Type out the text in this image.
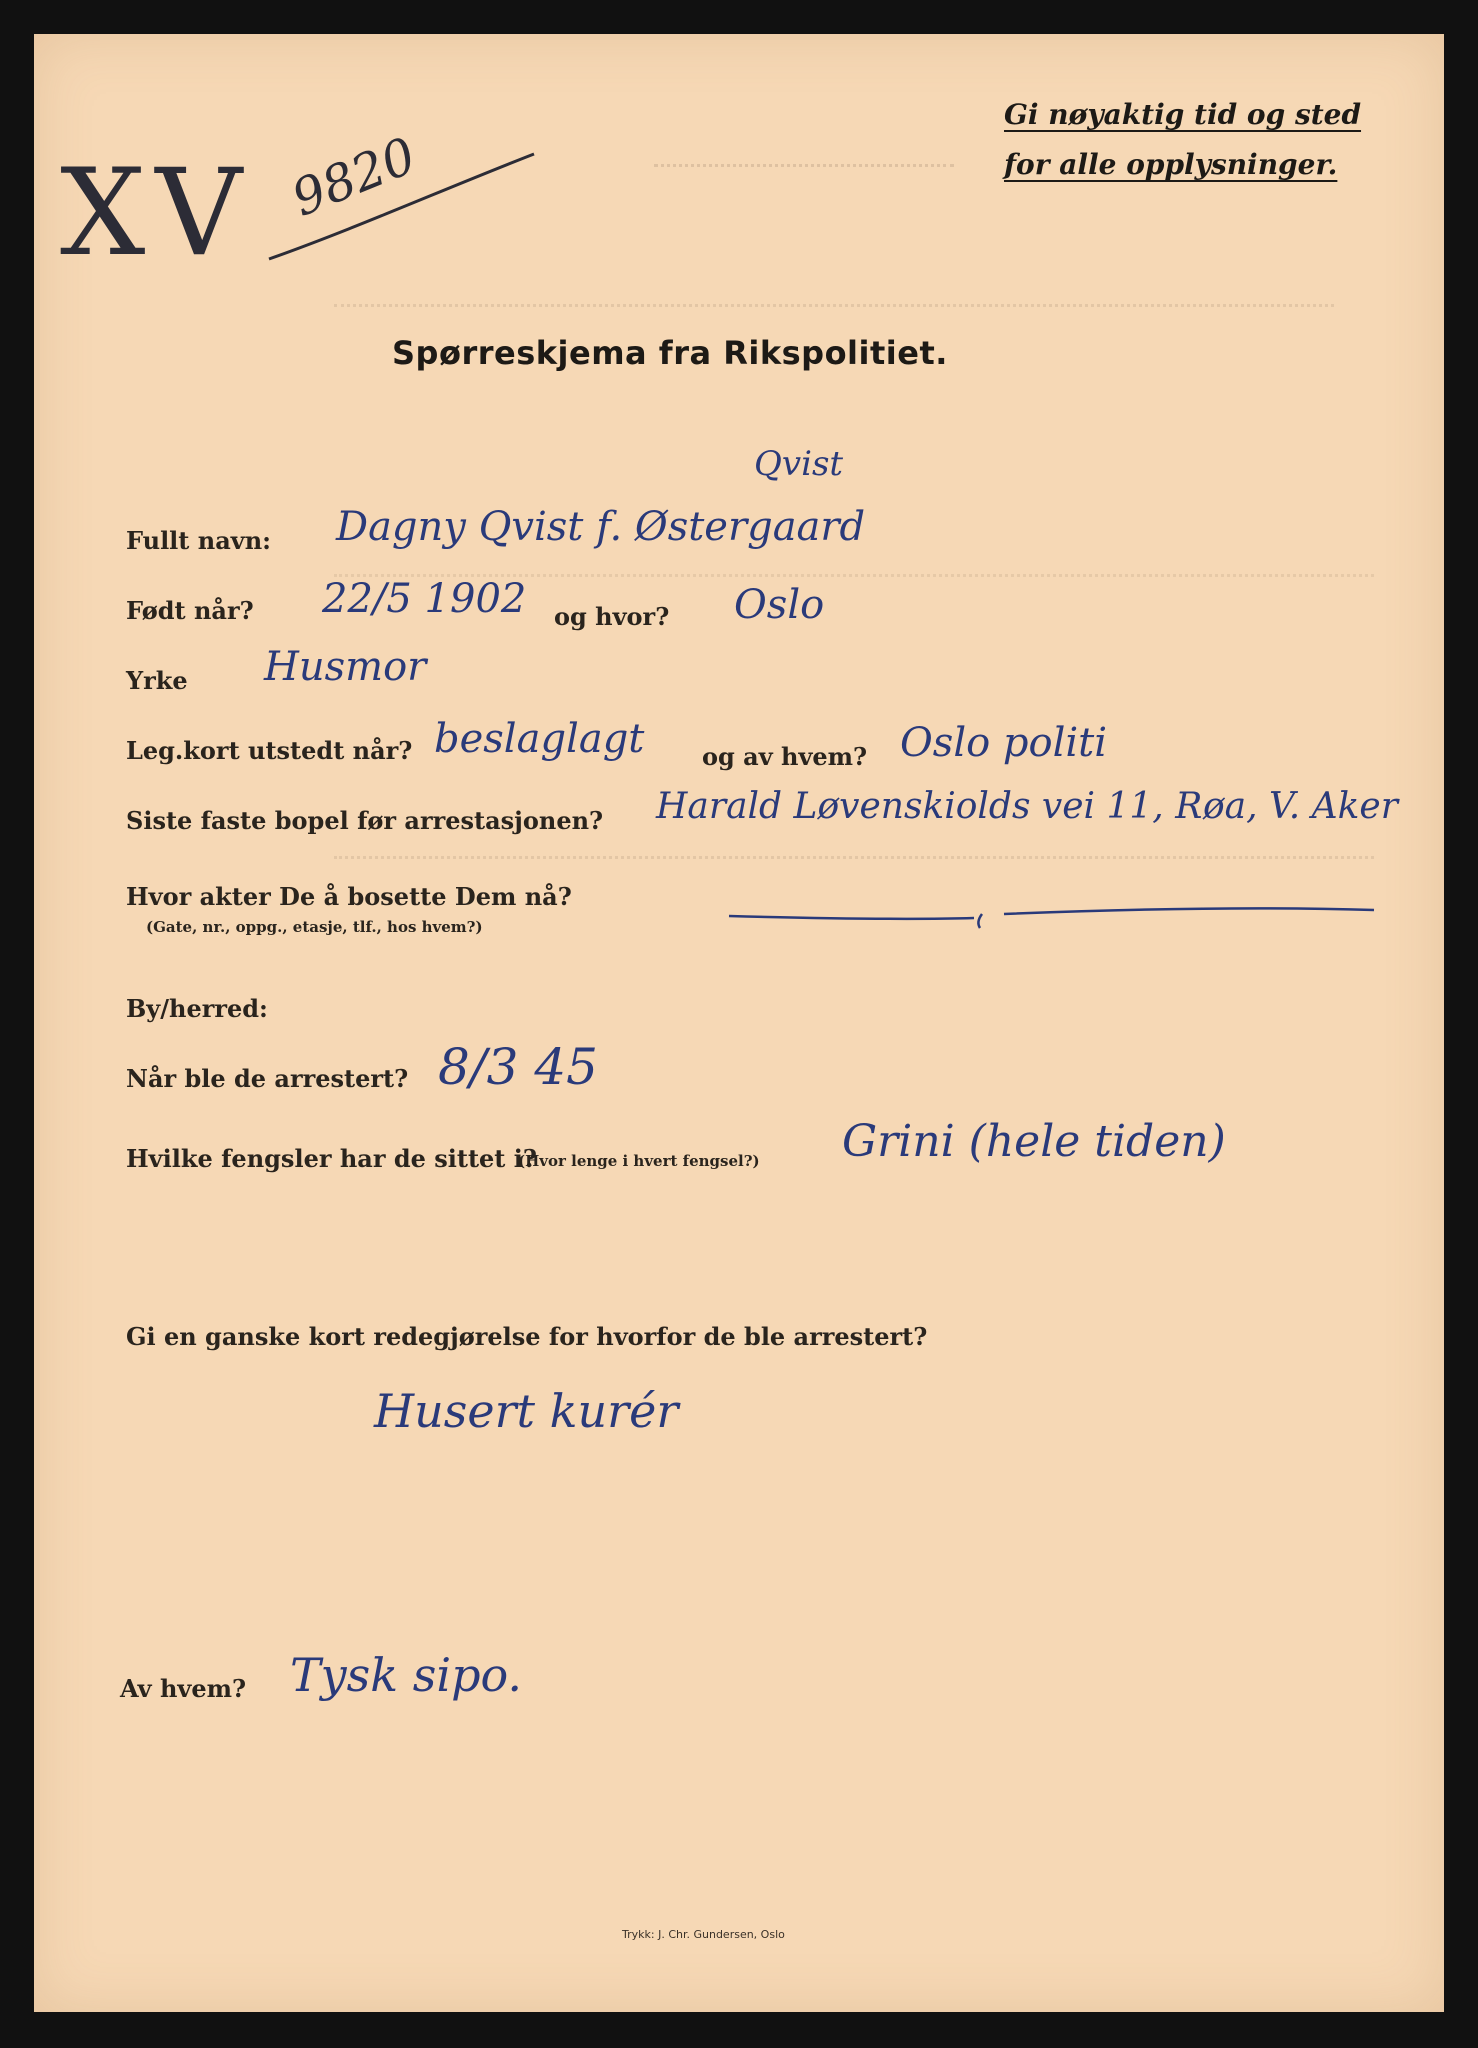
Gi nøyaktig tid og sted
for alle opplysninger.
XV 9820
Spørreskjema fra Rikspolitiet.
Qvist
Fullt navn: Dagny Qvist f. Østergaard
Født når? 22/5 1902 og hvor? Oslo
Yrke Husmor
Leg.kort utstedt når? beslaglagt og av hvem? Oslo politi
Siste faste bopel før arrestasjonen? Harald Løvenskiolds vei 11, Røa, V. Aker
Hvor akter De å bosette Dem nå?
(Gate, nr., oppg., etasje, tlf., hos hvem?)
By/herred:
Når ble de arrestert? 8/3 45
Hvilke fengsler har de sittet i?
(Hvor lenge i hvert fengsel?) Grini (hele tiden)
Gi en ganske kort redegjørelse for hvorfor de ble arrestert?
Husert kurér
Av hvem? Tysk sipo.
Trykk: J. Chr. Gundersen, Oslo
